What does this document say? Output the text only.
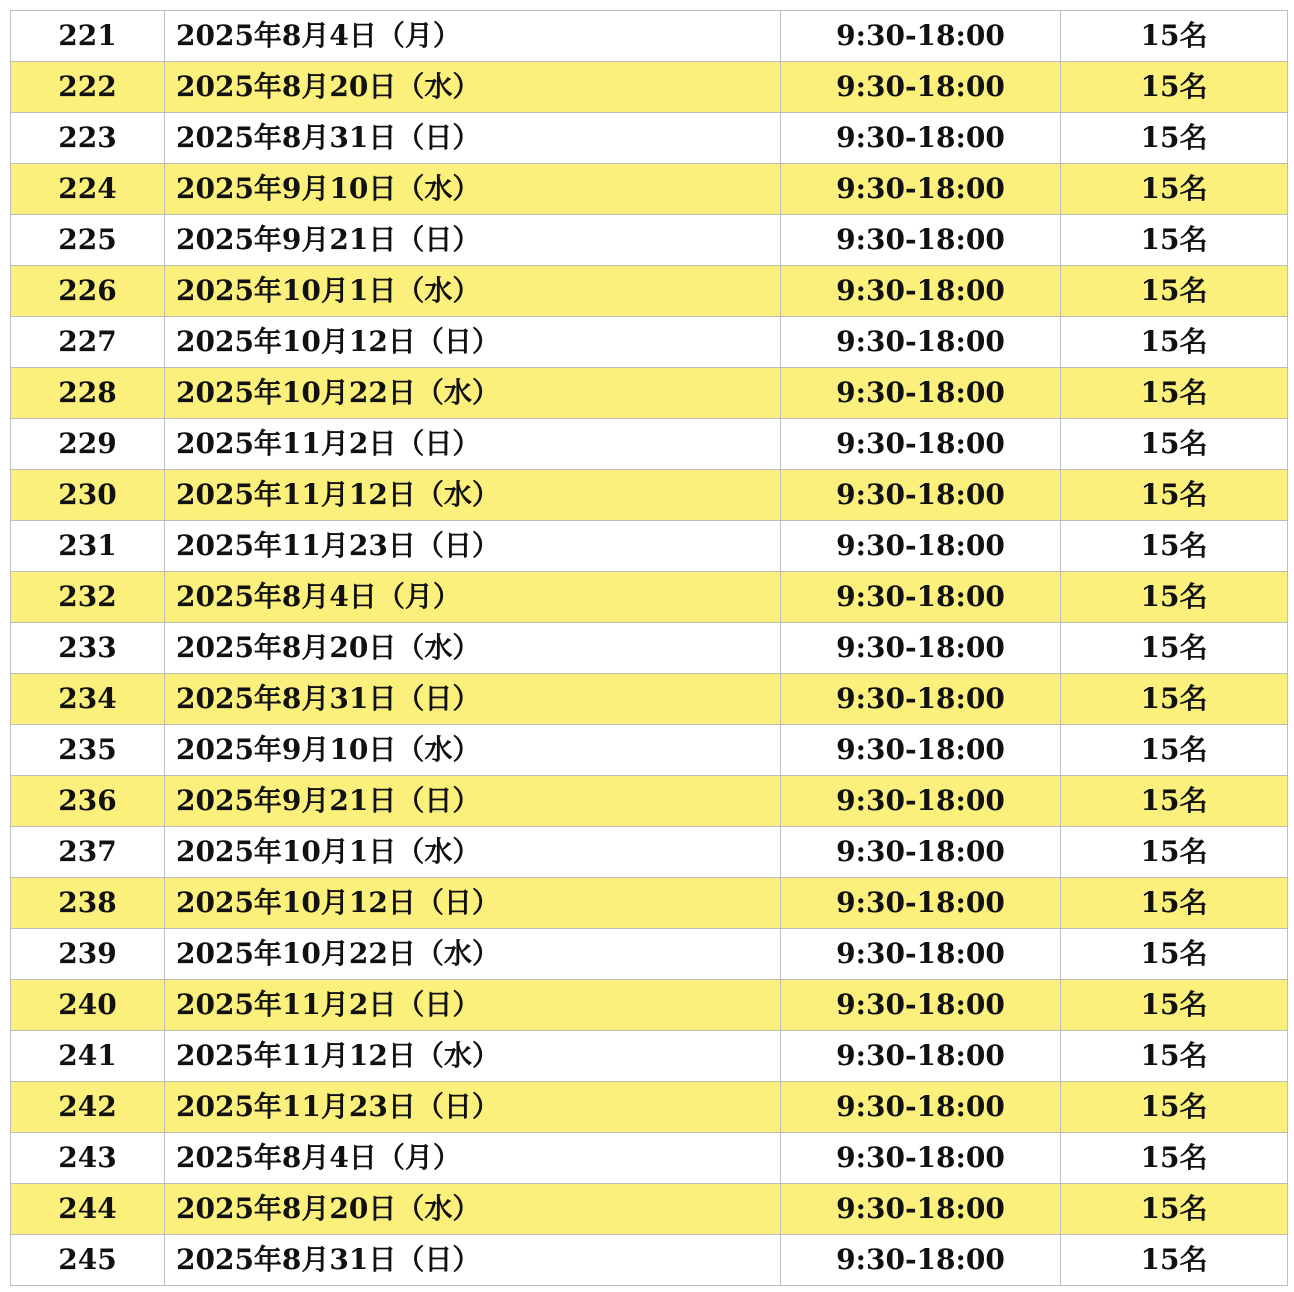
221	2025年8月4日（月）	9:30-18:00	15名
222	2025年8月20日（水）	9:30-18:00	15名
223	2025年8月31日（日）	9:30-18:00	15名
224	2025年9月10日（水）	9:30-18:00	15名
225	2025年9月21日（日）	9:30-18:00	15名
226	2025年10月1日（水）	9:30-18:00	15名
227	2025年10月12日（日）	9:30-18:00	15名
228	2025年10月22日（水）	9:30-18:00	15名
229	2025年11月2日（日）	9:30-18:00	15名
230	2025年11月12日（水）	9:30-18:00	15名
231	2025年11月23日（日）	9:30-18:00	15名
232	2025年8月4日（月）	9:30-18:00	15名
233	2025年8月20日（水）	9:30-18:00	15名
234	2025年8月31日（日）	9:30-18:00	15名
235	2025年9月10日（水）	9:30-18:00	15名
236	2025年9月21日（日）	9:30-18:00	15名
237	2025年10月1日（水）	9:30-18:00	15名
238	2025年10月12日（日）	9:30-18:00	15名
239	2025年10月22日（水）	9:30-18:00	15名
240	2025年11月2日（日）	9:30-18:00	15名
241	2025年11月12日（水）	9:30-18:00	15名
242	2025年11月23日（日）	9:30-18:00	15名
243	2025年8月4日（月）	9:30-18:00	15名
244	2025年8月20日（水）	9:30-18:00	15名
245	2025年8月31日（日）	9:30-18:00	15名
